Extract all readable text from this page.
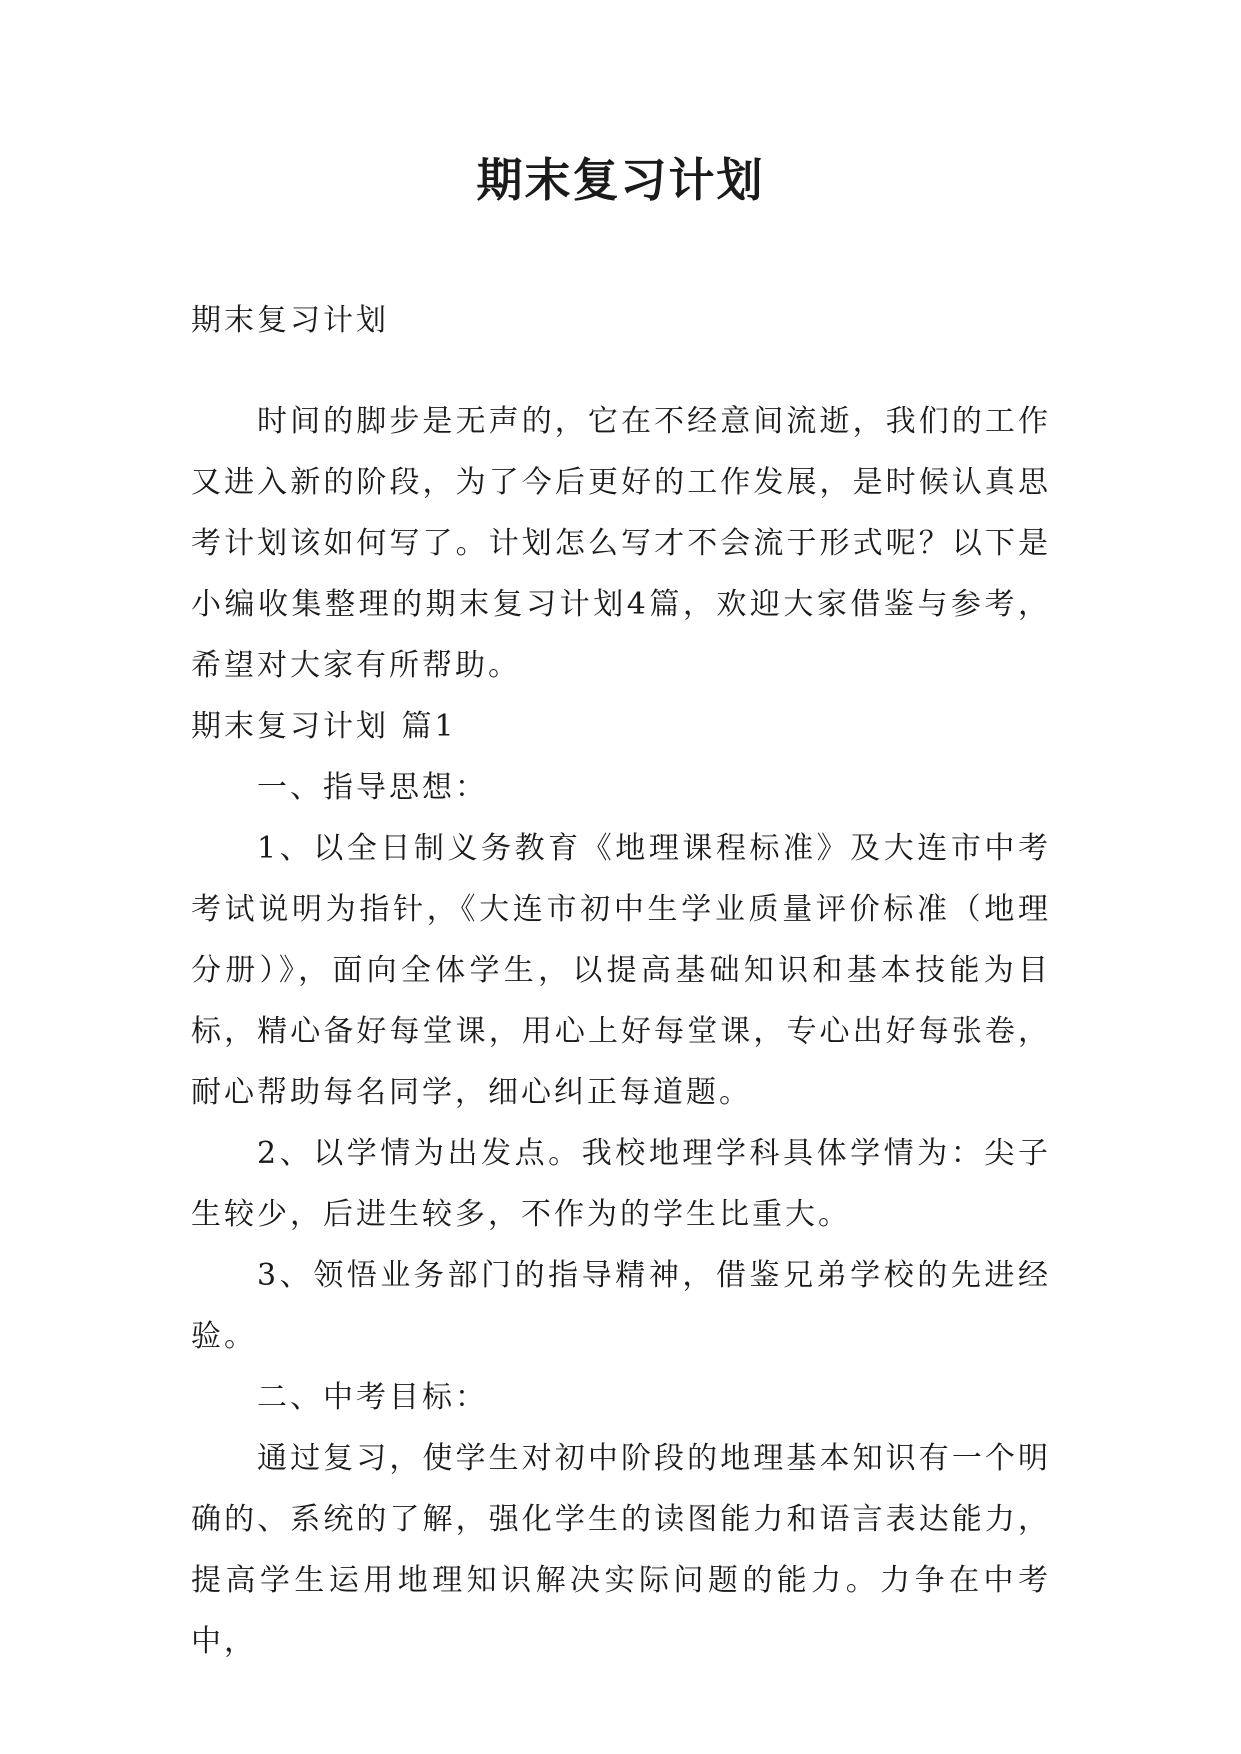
期末复习计划

期末复习计划

时间的脚步是无声的，它在不经意间流逝，我们的工作又进入新的阶段，为了今后更好的工作发展，是时候认真思考计划该如何写了。计划怎么写才不会流于形式呢？以下是小编收集整理的期末复习计划4篇，欢迎大家借鉴与参考，希望对大家有所帮助。

期末复习计划 篇1

一、指导思想：

1、以全日制义务教育《地理课程标准》及大连市中考考试说明为指针，《大连市初中生学业质量评价标准（地理分册）》，面向全体学生，以提高基础知识和基本技能为目标，精心备好每堂课，用心上好每堂课，专心出好每张卷，耐心帮助每名同学，细心纠正每道题。

2、以学情为出发点。我校地理学科具体学情为：尖子生较少，后进生较多，不作为的学生比重大。

3、领悟业务部门的指导精神，借鉴兄弟学校的先进经验。

二、中考目标：

通过复习，使学生对初中阶段的地理基本知识有一个明确的、系统的了解，强化学生的读图能力和语言表达能力，提高学生运用地理知识解决实际问题的能力。力争在中考中，
